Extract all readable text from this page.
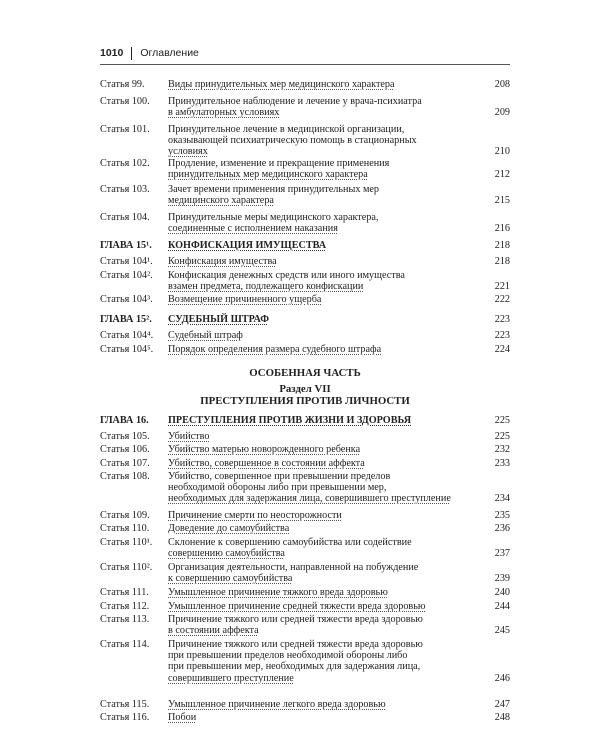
1010 Оглавление
Статья 99. Виды принудительных мер медицинского характера	208
Статья 100. Принудительное наблюдение и лечение у врача-психиатра
в амбулаторных условиях	209
Статья 101. Принудительное лечение в медицинской организации,
оказывающей психиатрическую помощь в стационарных
условиях	210
Статья 102. Продление, изменение и прекращение применения
принудительных мер медицинского характера	212
Статья 103. Зачет времени применения принудительных мер
медицинского характера	215
Статья 104. Принудительные меры медицинского характера,
соединенные с исполнением наказания	216
ГЛАВА 15¹. КОНФИСКАЦИЯ ИМУЩЕСТВА	218
Статья 104¹. Конфискация имущества	218
Статья 104². Конфискация денежных средств или иного имущества
взамен предмета, подлежащего конфискации	221
Статья 104³. Возмещение причиненного ущерба	222
ГЛАВА 15². СУДЕБНЫЙ ШТРАФ	223
Статья 104⁴. Судебный штраф	223
Статья 104⁵. Порядок определения размера судебного штрафа	224
ОСОБЕННАЯ ЧАСТЬ
Раздел VII
ПРЕСТУПЛЕНИЯ ПРОТИВ ЛИЧНОСТИ
ГЛАВА 16. ПРЕСТУПЛЕНИЯ ПРОТИВ ЖИЗНИ И ЗДОРОВЬЯ	225
Статья 105. Убийство	225
Статья 106. Убийство матерью новорожденного ребенка	232
Статья 107. Убийство, совершенное в состоянии аффекта	233
Статья 108. Убийство, совершенное при превышении пределов
необходимой обороны либо при превышении мер,
необходимых для задержания лица, совершившего преступление	234
Статья 109. Причинение смерти по неосторожности	235
Статья 110. Доведение до самоубийства	236
Статья 110¹. Склонение к совершению самоубийства или содействие
совершению самоубийства	237
Статья 110². Организация деятельности, направленной на побуждение
к совершению самоубийства	239
Статья 111. Умышленное причинение тяжкого вреда здоровью	240
Статья 112. Умышленное причинение средней тяжести вреда здоровью	244
Статья 113. Причинение тяжкого или средней тяжести вреда здоровью
в состоянии аффекта	245
Статья 114. Причинение тяжкого или средней тяжести вреда здоровью
при превышении пределов необходимой обороны либо
при превышении мер, необходимых для задержания лица,
совершившего преступление	246
Статья 115. Умышленное причинение легкого вреда здоровью	247
Статья 116. Побои	248
